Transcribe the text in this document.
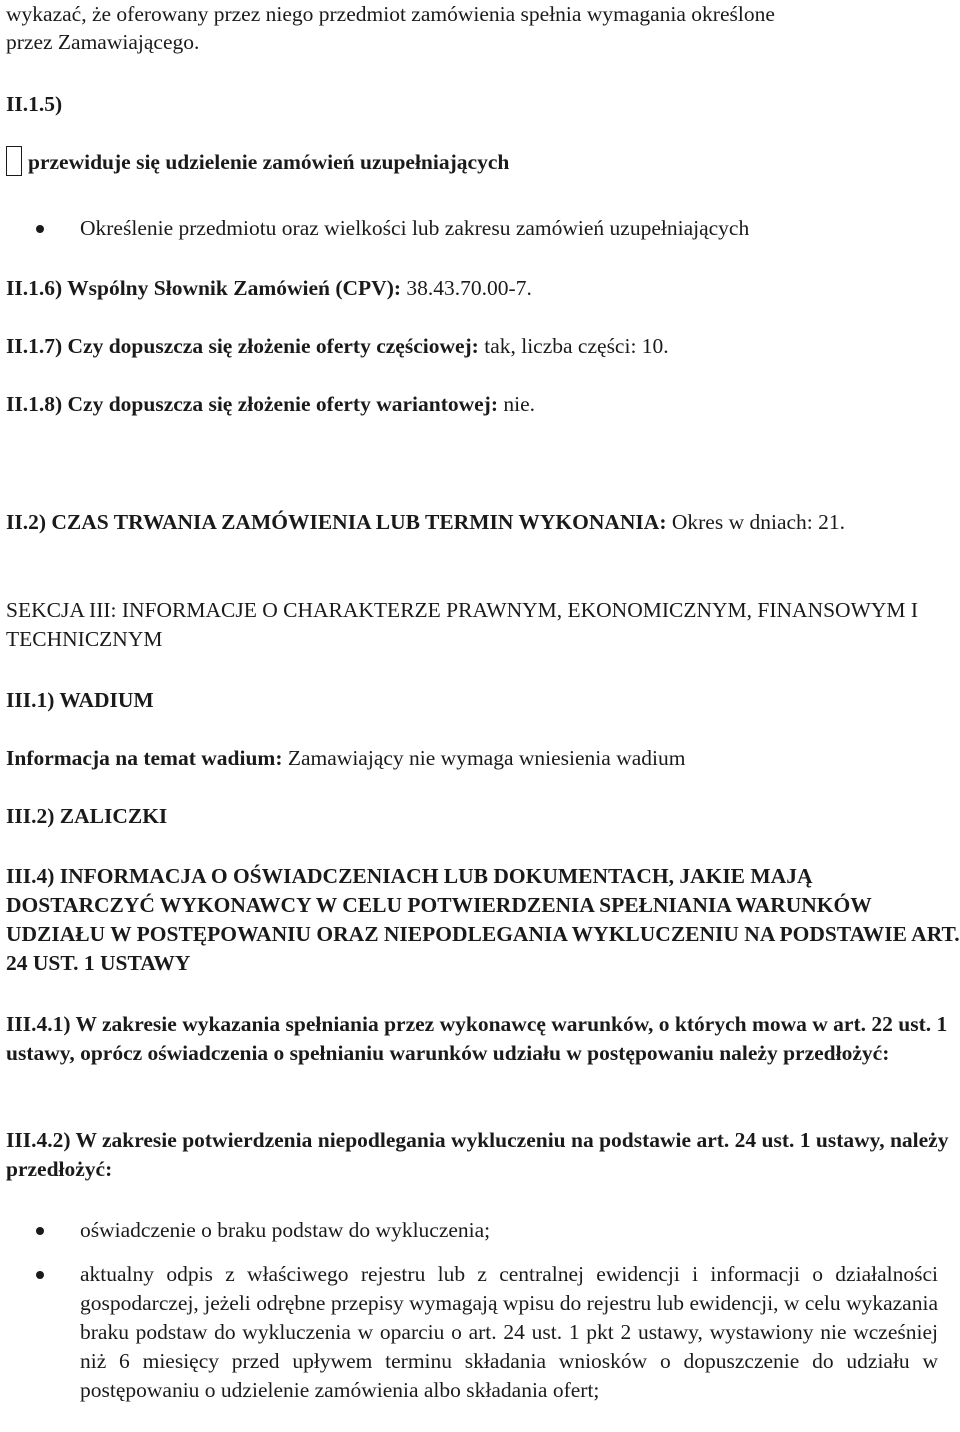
wykazać, że oferowany przez niego przedmiot zamówienia spełnia wymagania określone
przez Zamawiającego.
II.1.5)
przewiduje się udzielenie zamówień uzupełniających
Określenie przedmiotu oraz wielkości lub zakresu zamówień uzupełniających
II.1.6) Wspólny Słownik Zamówień (CPV): 38.43.70.00-7.
II.1.7) Czy dopuszcza się złożenie oferty częściowej: tak, liczba części: 10.
II.1.8) Czy dopuszcza się złożenie oferty wariantowej: nie.
II.2) CZAS TRWANIA ZAMÓWIENIA LUB TERMIN WYKONANIA: Okres w dniach: 21.
SEKCJA III: INFORMACJE O CHARAKTERZE PRAWNYM, EKONOMICZNYM, FINANSOWYM I TECHNICZNYM
III.1) WADIUM
Informacja na temat wadium: Zamawiający nie wymaga wniesienia wadium
III.2) ZALICZKI
III.4) INFORMACJA O OŚWIADCZENIACH LUB DOKUMENTACH, JAKIE MAJĄ DOSTARCZYĆ WYKONAWCY W CELU POTWIERDZENIA SPEŁNIANIA WARUNKÓW UDZIAŁU W POSTĘPOWANIU ORAZ NIEPODLEGANIA WYKLUCZENIU NA PODSTAWIE ART. 24 UST. 1 USTAWY
III.4.1) W zakresie wykazania spełniania przez wykonawcę warunków, o których mowa w art. 22 ust. 1 ustawy, oprócz oświadczenia o spełnianiu warunków udziału w postępowaniu należy przedłożyć:
III.4.2) W zakresie potwierdzenia niepodlegania wykluczeniu na podstawie art. 24 ust. 1 ustawy, należy przedłożyć:
oświadczenie o braku podstaw do wykluczenia;
aktualny odpis z właściwego rejestru lub z centralnej ewidencji i informacji o działalności gospodarczej, jeżeli odrębne przepisy wymagają wpisu do rejestru lub ewidencji, w celu wykazania braku podstaw do wykluczenia w oparciu o art. 24 ust. 1 pkt 2 ustawy, wystawiony nie wcześniej niż 6 miesięcy przed upływem terminu składania wniosków o dopuszczenie do udziału w postępowaniu o udzielenie zamówienia albo składania ofert;
